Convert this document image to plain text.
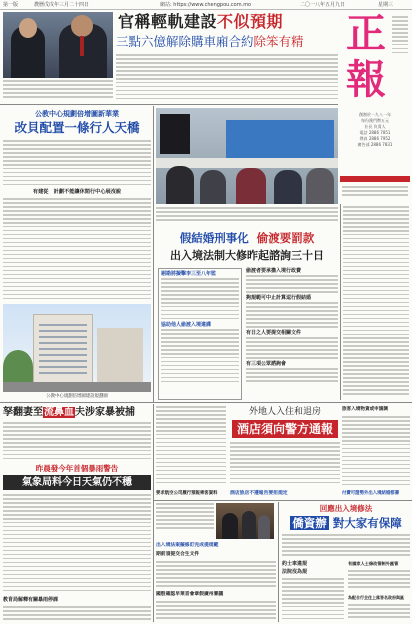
第一版	農曆戊戌年三月二十四日	網站: https://www.chengpou.com.mo	二〇一八年五月九日	星期三
官稱輕軌建設不似預期
三點六億解除購車廂合約除笨有精	正
報
創辦於一九八一年
每份澳門幣五元
社長 負責人
電話 2886 7851
傳真 2886 7952
廣告部 2886 7831
公教中心規劃倍增圖新華業
改貝配置一條行人天橋
有建從　計劃不能讓休閒行中心展沒說
公教中心規劃倍增圖建設規劃圖
假結婚刑事化 偷渡要罰款
出入境法制大修昨起諮詢三十日
剔勘將擬擊李三至八年監
協助他人偷渡入境違諜
偷渡者要承擔入境行政費
夠規範可中止計算逗行假結婚
有日之人要提交相關文件
有三項公眾諮詢會
孥翻妻至流鼻血夫涉家暴被捕
昨晨發今年首個暴雨警告
氣象局料今日天氣仍不穩
教育局解釋有關暴雨停課
外地人入住和退房
酒店須向警方通報
旅客入境物貨或申請調
酒店旅店不遵報告要拒規定	付費可證勢外出入境結婚都書
要求航空公司履行預報乘客資料
出入境法案擬修訂完成提規範
期前須提交合生文件
國殷確認早萊音會章假廣州審議
回應出入境修法
僑資辦 對大家有保障
約士車違規
法院沒為規
有國家人士修改管制外匯管
為配合行全住上落答名政府與區
